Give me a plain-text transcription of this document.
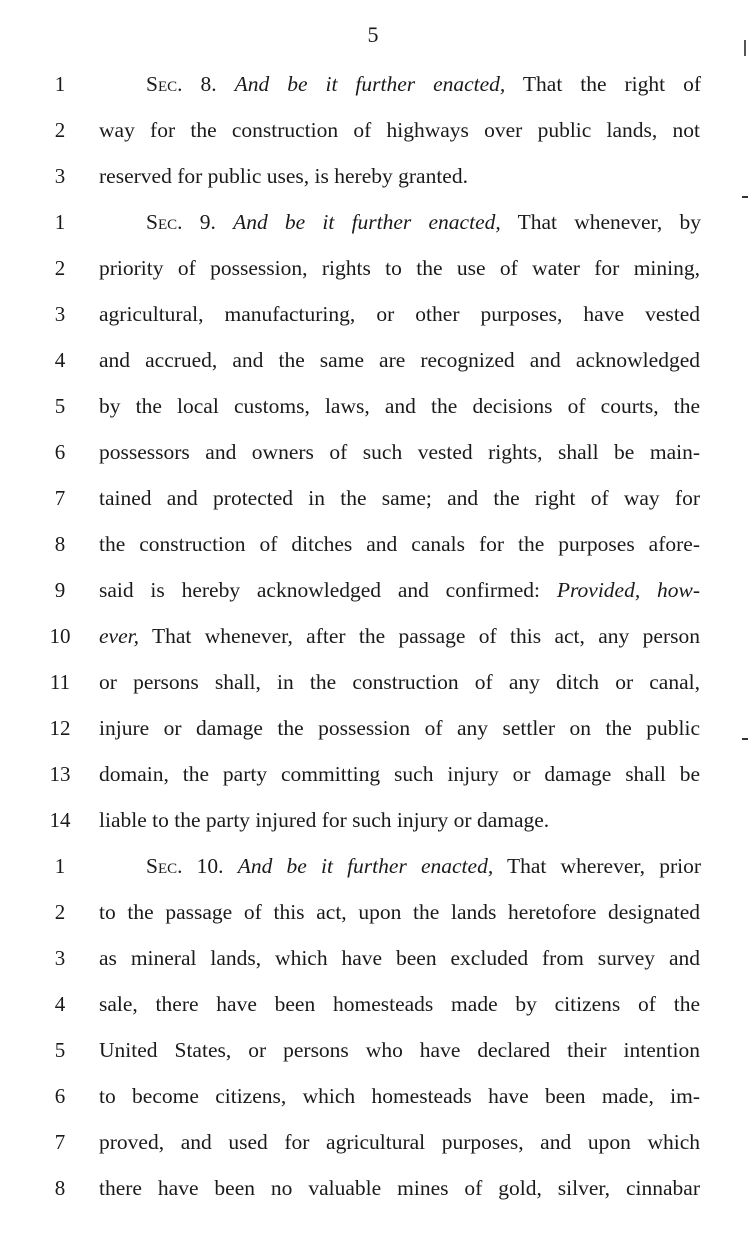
5
1	Sec. 8. And be it further enacted, That the right of
2	way for the construction of highways over public lands, not
3	reserved for public uses, is hereby granted.
1	Sec. 9. And be it further enacted, That whenever, by
2	priority of possession, rights to the use of water for mining,
3	agricultural, manufacturing, or other purposes, have vested
4	and accrued, and the same are recognized and acknowledged
5	by the local customs, laws, and the decisions of courts, the
6	possessors and owners of such vested rights, shall be main-
7	tained and protected in the same; and the right of way for
8	the construction of ditches and canals for the purposes afore-
9	said is hereby acknowledged and confirmed: Provided, how-
10	ever, That whenever, after the passage of this act, any person
11	or persons shall, in the construction of any ditch or canal,
12	injure or damage the possession of any settler on the public
13	domain, the party committing such injury or damage shall be
14	liable to the party injured for such injury or damage.
1	Sec. 10. And be it further enacted, That wherever, prior
2	to the passage of this act, upon the lands heretofore designated
3	as mineral lands, which have been excluded from survey and
4	sale, there have been homesteads made by citizens of the
5	United States, or persons who have declared their intention
6	to become citizens, which homesteads have been made, im-
7	proved, and used for agricultural purposes, and upon which
8	there have been no valuable mines of gold, silver, cinnabar
